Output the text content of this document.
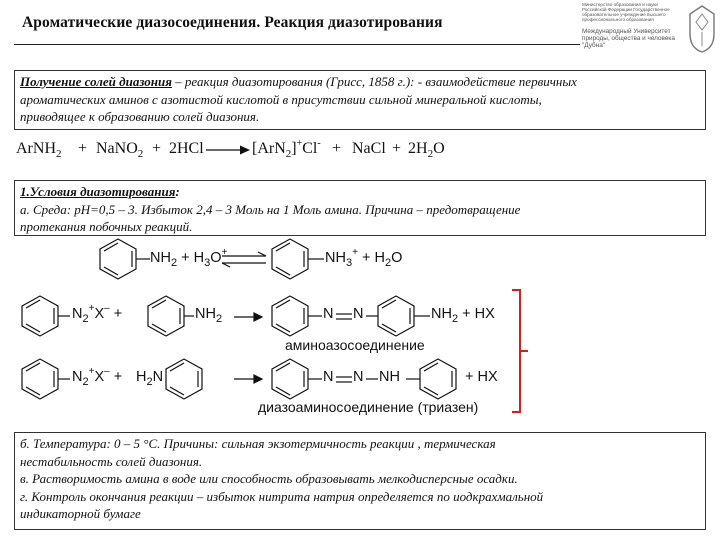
Ароматические диазосоединения. Реакция диазотирования
Министерство образования и науки Российской Федерации Государственное образовательное учреждение высшего профессионального образования
Международный Университет природы, общества и человека "Дубна"
Получение солей диазония – реакция диазотирования (Грисс, 1858 г.): - взаимодействие первичных
ароматических аминов с азотистой кислотой в присутствии сильной минеральной кислоты,
приводящее к образованию солей диазония.
ArNH$_2$ + NaNO$_2$ + 2HCl → [ArN$_2$]+Cl- + NaCl + $2H_2O$
1.Условия диазотирования:
а. Среда: рН=0,5 – 3. Избыток 2,4 – 3 Моль на 1 Моль амина. Причина – предотвращение
протекания побочных реакций.
$NH_2 + H_3O^+$	$NH_3^+ + H_2O$
$N_2^+X^-$ +	$NH_2$	N N	$NH_2$ + HX
аминоазосоединение
$N_2^+X^- + H_2N$	N	NH
N	+ HX
диазоаминосоединение (триазен)
б. Температура: 0 – 5 °С. Причины: сильная экзотермичность реакции , термическая
нестабильность солей диазония.
в. Растворимость амина в воде или способность образовывать мелкодисперсные осадки.
г. Контроль окончания реакции – избыток нитрита натрия определяется по иодкрахмальной
индикаторной бумаге
